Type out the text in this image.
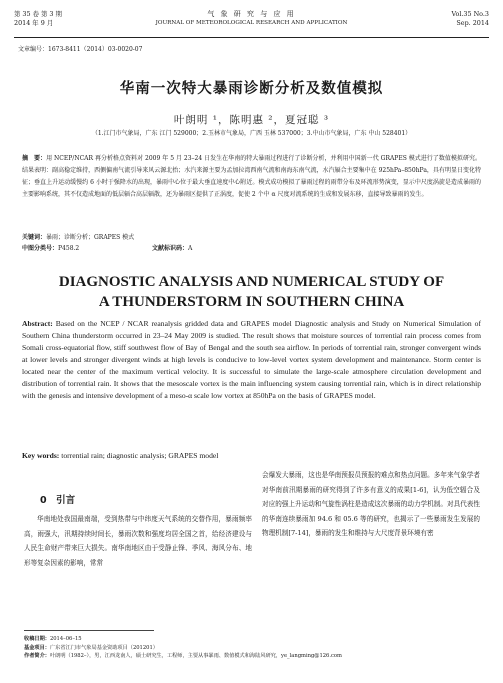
第 35 卷 第 3 期
2014 年 9 月
气 象 研 究 与 应 用
JOURNAL OF METEOROLOGICAL RESEARCH AND APPLICATION
Vol.35 No.3
Sep. 2014
文章编号：1673-8411（2014）03-0020-07
华南一次特大暴雨诊断分析及数值模拟
叶朗明 ¹，陈明惠 ²，夏冠聪 ³
（1.江门市气象局，广东 江门 529000；2.玉林市气象局，广西 玉林 537000；3.中山市气象局，广东 中山 528401）
摘　要：用 NCEP/NCAR 再分析格点资料对 2009 年 5 月 23–24 日发生在华南的特大暴雨过程进行了诊断分析，并利用中国新一代 GRAPES 模式进行了数值模拟研究。结果表明：副高稳定维持，西侧偏南气流引导来风云源北抬；水汽来源主要为孟加拉湾西南气流和南海东南气流，水汽辐合主要集中在 925hPa–850hPa，具有明显日变化特征；垂直上升运动缓慢约 6 小时于强降水的出现，暴雨中心位于最大垂直速度中心附近。模式成功模拟了暴雨过程的雨带分布及环流形势演变，显示中尺度涡旋是造成暴雨的主要影响系统，其不仅造成地面的低层辐合高层辐散，还为暴雨区提供了正涡度，促使 2 个中 α 尺度对流系统的生成和发展东移，直接导致暴雨的发生。
关键词：暴雨；诊断分析；GRAPES 模式
中图分类号：P458.2	文献标识码：A
DIAGNOSTIC ANALYSIS AND NUMERICAL STUDY OF
A THUNDERSTORM IN SOUTHERN CHINA
Abstract: Based on the NCEP / NCAR reanalysis gridded data and GRAPES model Diagnostic analysis and Study on Numerical Simulation of Southern China thunderstorm occurred in 23–24 May 2009 is studied. The result shows that moisture sources of torrential rain process comes from Somali cross-equatorial flow, stiff southwest flow of Bay of Bengal and the south sea airflow. In periods of torrential rain, stronger convergent winds at lower levels and stronger divergent winds at high levels is conducive to low-level vortex system development and maintenance. Storm center is located near the center of the maximum vertical velocity. It is successful to simulate the large-scale atmosphere circulation development and distribution of torrential rain. It shows that the mesoscale vortex is the main influencing system causing torrential rain, which is in direct relationship with the genesis and intensive development of a meso-α scale low vortex at 850hPa on the basis of GRAPES model.
Key words: torrential rain; diagnostic analysis; GRAPES model
0　引言
华南地处我国最南端，受到热带与中纬度天气系统的交替作用，暴雨频率高，雨强大，汛期持续时间长，暴雨次数和强度均居全国之首，给经济建设与人民生命财产带来巨大损失。南华南地区由于受静止锋、季风、海风分布、地形等复杂因素的影响，常常
会爆发大暴雨，这也是华南预报员预报的难点和热点问题。多年来气象学者对华南前汛期暴雨的研究得到了许多有意义的成果[1-6]，认为低空辐合及对应的强上升运动和气旋性涡柱是造成这次暴雨的动力学机制。对具代表性的华南连续暴雨加 94.6 和 05.6 等的研究，也揭示了一些暴雨发生发展的物理机制[7-14]，暴雨的发生和维持与大尺度背景环境有密
收稿日期：2014–06–15
基金项目：广东省江门市气象局基金资助项目（201201）
作者简介：叶朗明（1982–），男，江西龙南人，硕士研究生，工程师，主要从事暴雨、数值模式和海陆风研究，ye_langming@126.com
